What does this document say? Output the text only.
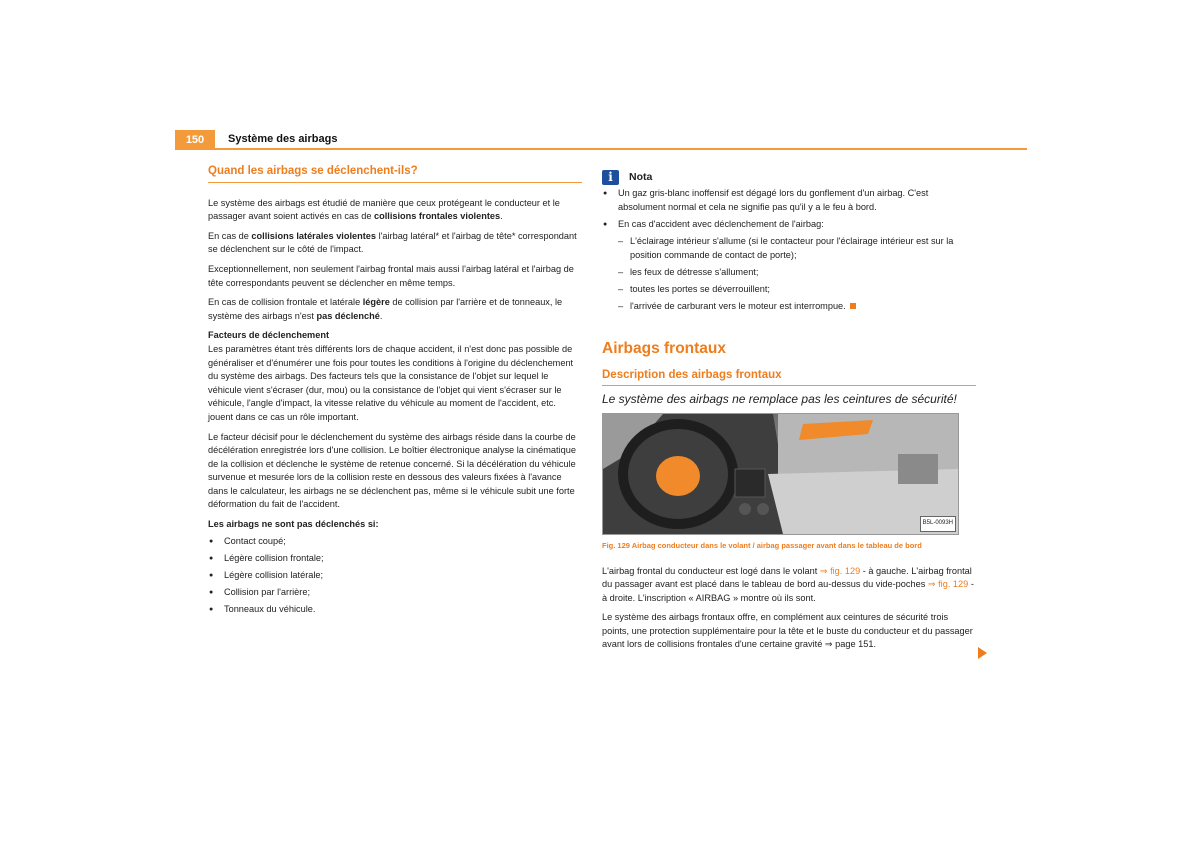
150	Système des airbags
Quand les airbags se déclenchent-ils?

Le système des airbags est étudié de manière que ceux protégeant le conducteur et le passager avant soient activés en cas de collisions frontales violentes.

En cas de collisions latérales violentes l'airbag latéral* et l'airbag de tête* correspondant se déclenchent sur le côté de l'impact.

Exceptionnellement, non seulement l'airbag frontal mais aussi l'airbag latéral et l'airbag de tête correspondants peuvent se déclencher en même temps.

En cas de collision frontale et latérale légère de collision par l'arrière et de tonneaux, le système des airbags n'est pas déclenché.

Facteurs de déclenchement

Les paramètres étant très différents lors de chaque accident, il n'est donc pas possible de généraliser et d'énumérer une fois pour toutes les conditions à l'origine du déclenchement du système des airbags. Des facteurs tels que la consistance de l'objet sur lequel le véhicule vient s'écraser (dur, mou) ou la consistance de l'objet qui vient s'écraser sur le véhicule, l'angle d'impact, la vitesse relative du véhicule au moment de l'accident, etc. jouent dans ce cas un rôle important.

Le facteur décisif pour le déclenchement du système des airbags réside dans la courbe de décélération enregistrée lors d'une collision. Le boîtier électronique analyse la cinématique de la collision et déclenche le système de retenue concerné. Si la décélération du véhicule survenue et mesurée lors de la collision reste en dessous des valeurs fixées à l'avance dans le calculateur, les airbags ne se déclenchent pas, même si le véhicule subit une forte déformation du fait de l'accident.

Les airbags ne sont pas déclenchés si:
● Contact coupé;
● Légère collision frontale;
● Légère collision latérale;
● Collision par l'arrière;
● Tonneaux du véhicule.
i	Nota
● Un gaz gris-blanc inoffensif est dégagé lors du gonflement d'un airbag. C'est absolument normal et cela ne signifie pas qu'il y a le feu à bord.
● En cas d'accident avec déclenchement de l'airbag:
– L'éclairage intérieur s'allume (si le contacteur pour l'éclairage intérieur est sur la position commande de contact de porte);
– les feux de détresse s'allument;
– toutes les portes se déverrouillent;
– l'arrivée de carburant vers le moteur est interrompue.
Airbags frontaux
Description des airbags frontaux

Le système des airbags ne remplace pas les ceintures de sécurité!

B5L-0093H
Fig. 129 Airbag conducteur dans le volant / airbag passager avant dans le tableau de bord

L'airbag frontal du conducteur est logé dans le volant ⇒ fig. 129 - à gauche. L'airbag frontal du passager avant est placé dans le tableau de bord au-dessus du vide-poches ⇒ fig. 129 - à droite. L'inscription « AIRBAG » montre où ils sont.

Le système des airbags frontaux offre, en complément aux ceintures de sécurité trois points, une protection supplémentaire pour la tête et le buste du conducteur et du passager avant lors de collisions frontales d'une certaine gravité ⇒ page 151.
